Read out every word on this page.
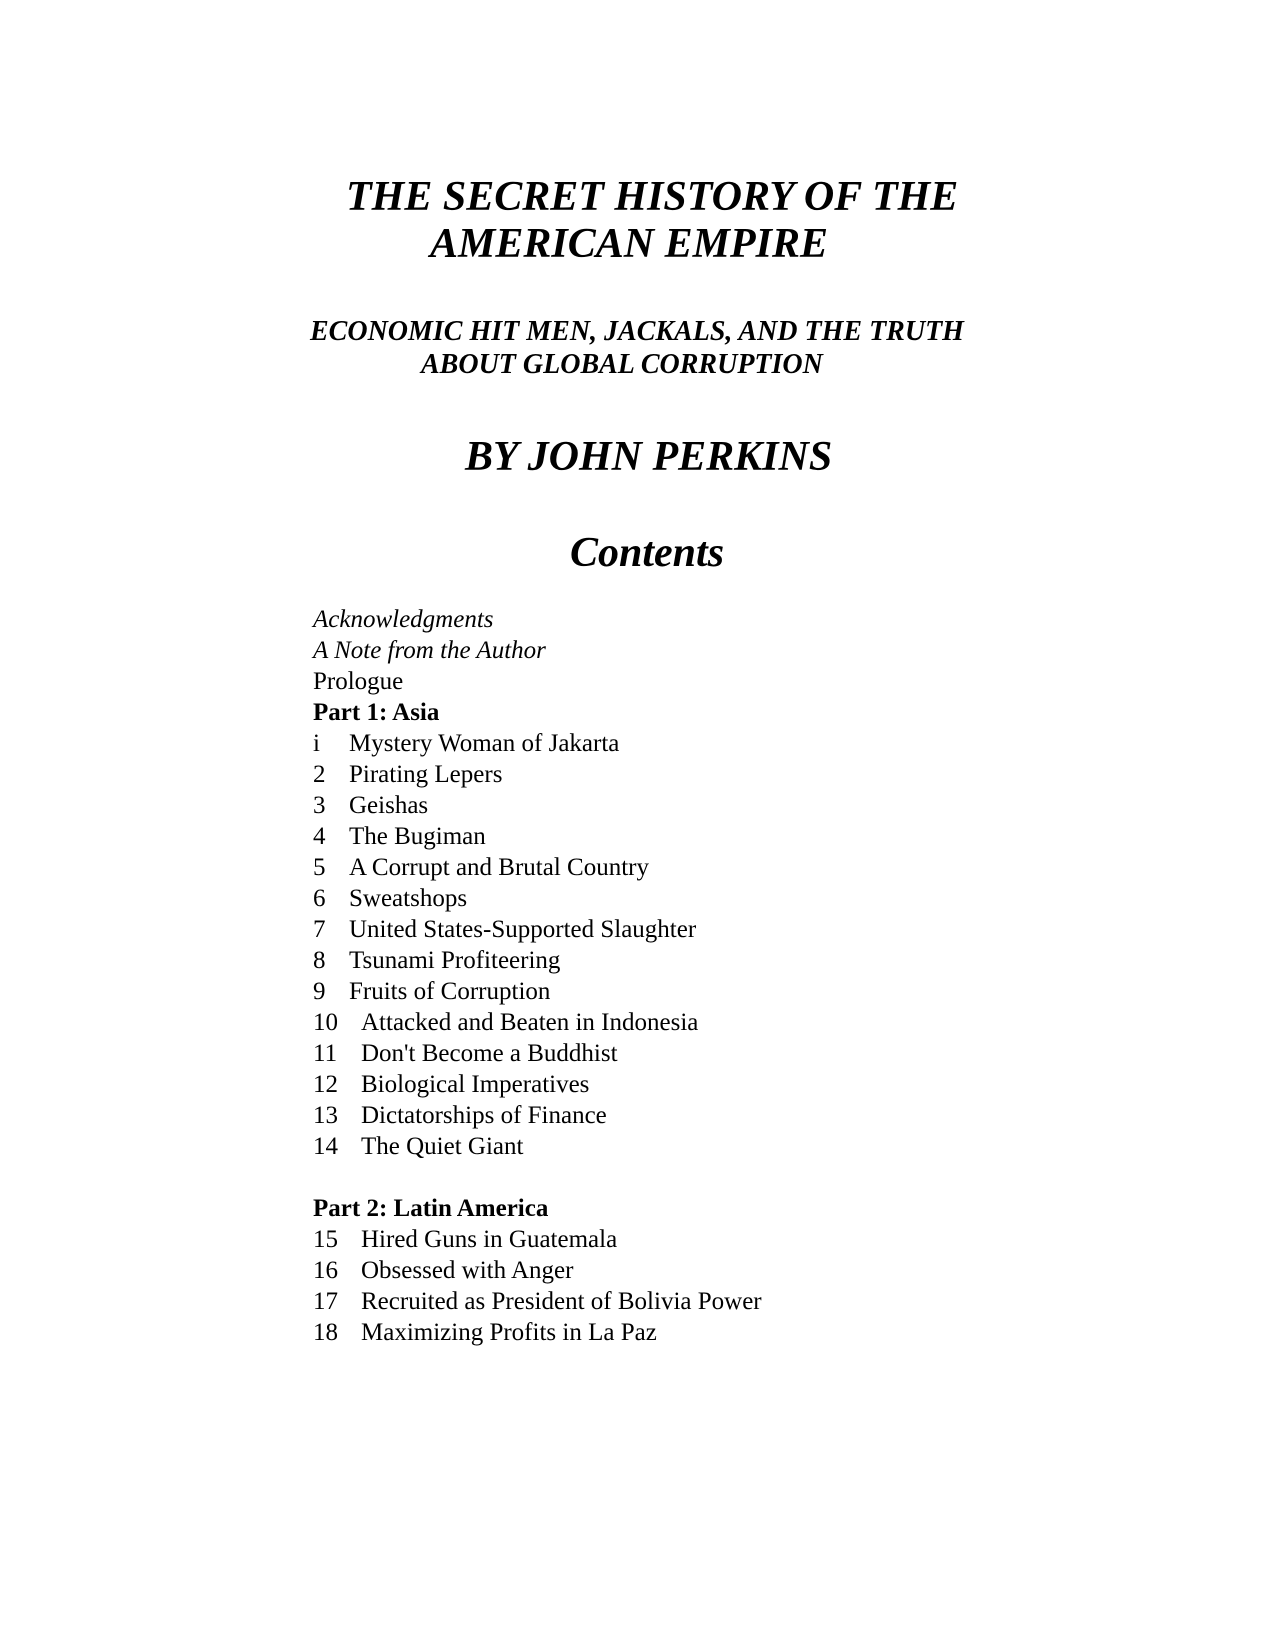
THE SECRET HISTORY OF THE
AMERICAN EMPIRE
ECONOMIC HIT MEN, JACKALS, AND THE TRUTH
ABOUT GLOBAL CORRUPTION
BY JOHN PERKINS
Contents
Acknowledgments
A Note from the Author
Prologue
Part 1: Asia
i Mystery Woman of Jakarta
2 Pirating Lepers
3 Geishas
4 The Bugiman
5 A Corrupt and Brutal Country
6 Sweatshops
7 United States-Supported Slaughter
8 Tsunami Profiteering
9 Fruits of Corruption
10 Attacked and Beaten in Indonesia
11 Don't Become a Buddhist
12 Biological Imperatives
13 Dictatorships of Finance
14 The Quiet Giant
Part 2: Latin America
15 Hired Guns in Guatemala
16 Obsessed with Anger
17 Recruited as President of Bolivia Power
18 Maximizing Profits in La Paz
